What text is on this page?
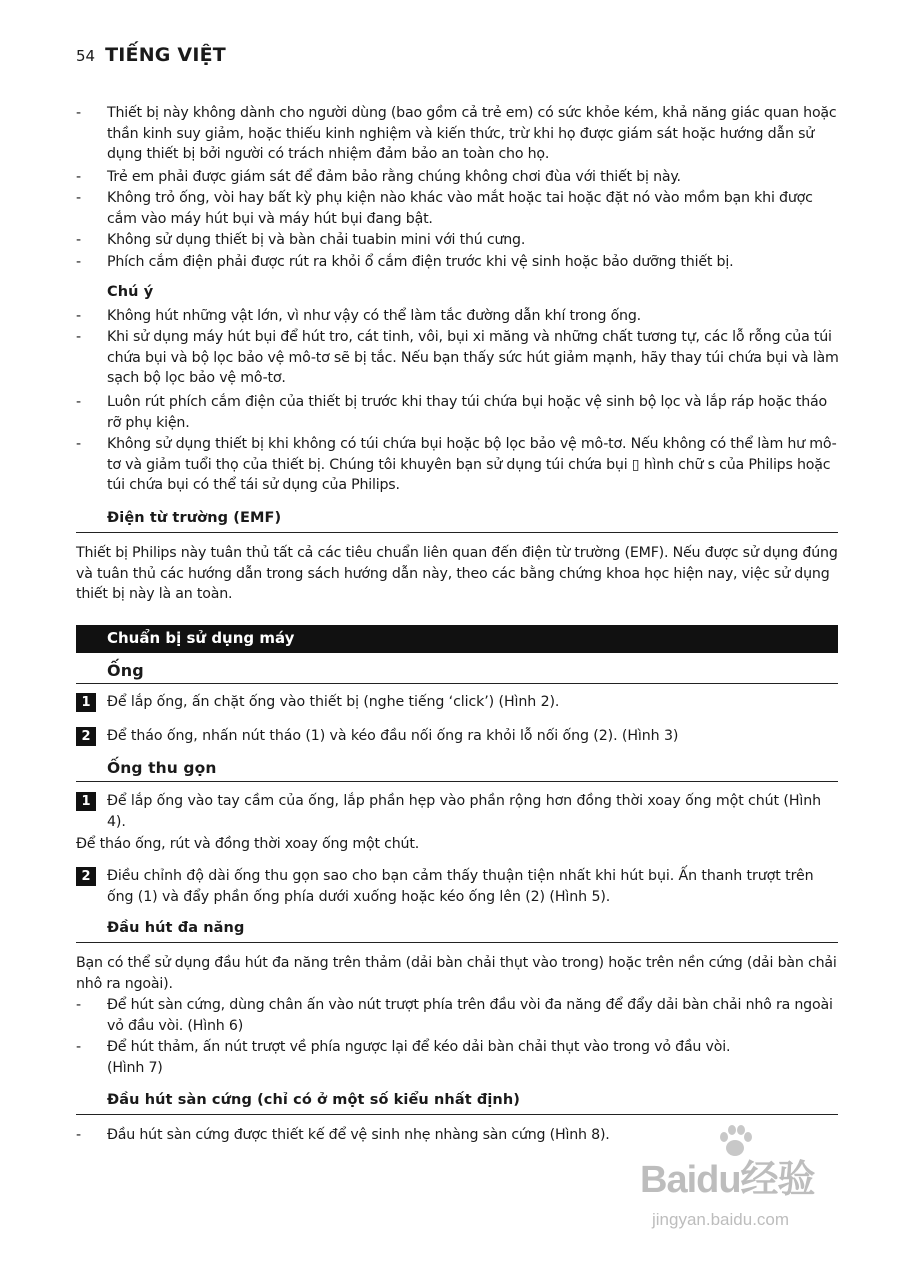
54 TIẾNG VIỆT
- Thiết bị này không dành cho người dùng (bao gồm cả trẻ em) có sức khỏe kém, khả năng giác quan hoặc thần kinh suy giảm, hoặc thiếu kinh nghiệm và kiến thức, trừ khi họ được giám sát hoặc hướng dẫn sử dụng thiết bị bởi người có trách nhiệm đảm bảo an toàn cho họ.
- Trẻ em phải được giám sát để đảm bảo rằng chúng không chơi đùa với thiết bị này.
- Không trỏ ống, vòi hay bất kỳ phụ kiện nào khác vào mắt hoặc tai hoặc đặt nó vào mồm bạn khi được cắm vào máy hút bụi và máy hút bụi đang bật.
- Không sử dụng thiết bị và bàn chải tuabin mini với thú cưng.
- Phích cắm điện phải được rút ra khỏi ổ cắm điện trước khi vệ sinh hoặc bảo dưỡng thiết bị.
Chú ý
- Không hút những vật lớn, vì như vậy có thể làm tắc đường dẫn khí trong ống.
- Khi sử dụng máy hút bụi để hút tro, cát tinh, vôi, bụi xi măng và những chất tương tự, các lỗ rỗng của túi chứa bụi và bộ lọc bảo vệ mô-tơ sẽ bị tắc. Nếu bạn thấy sức hút giảm mạnh, hãy thay túi chứa bụi và làm sạch bộ lọc bảo vệ mô-tơ.
- Luôn rút phích cắm điện của thiết bị trước khi thay túi chứa bụi hoặc vệ sinh bộ lọc và lắp ráp hoặc tháo rỡ phụ kiện.
- Không sử dụng thiết bị khi không có túi chứa bụi hoặc bộ lọc bảo vệ mô-tơ. Nếu không có thể làm hư mô-tơ và giảm tuổi thọ của thiết bị. Chúng tôi khuyên bạn sử dụng túi chứa bụi ▯ hình chữ s của Philips hoặc túi chứa bụi có thể tái sử dụng của Philips.
Điện từ trường (EMF)
Thiết bị Philips này tuân thủ tất cả các tiêu chuẩn liên quan đến điện từ trường (EMF). Nếu được sử dụng đúng và tuân thủ các hướng dẫn trong sách hướng dẫn này, theo các bằng chứng khoa học hiện nay, việc sử dụng thiết bị này là an toàn.
Chuẩn bị sử dụng máy
Ống
1	Để lắp ống, ấn chặt ống vào thiết bị (nghe tiếng ‘click’) (Hình 2).
2	Để tháo ống, nhấn nút tháo (1) và kéo đầu nối ống ra khỏi lỗ nối ống (2). (Hình 3)
Ống thu gọn
1	Để lắp ống vào tay cầm của ống, lắp phần hẹp vào phần rộng hơn đồng thời xoay ống một chút (Hình 4).
Để tháo ống, rút và đồng thời xoay ống một chút.
2	Điều chỉnh độ dài ống thu gọn sao cho bạn cảm thấy thuận tiện nhất khi hút bụi. Ấn thanh trượt trên ống (1) và đẩy phần ống phía dưới xuống hoặc kéo ống lên (2) (Hình 5).
Đầu hút đa năng
Bạn có thể sử dụng đầu hút đa năng trên thảm (dải bàn chải thụt vào trong) hoặc trên nền cứng (dải bàn chải nhô ra ngoài).
- Để hút sàn cứng, dùng chân ấn vào nút trượt phía trên đầu vòi đa năng để đẩy dải bàn chải nhô ra ngoài vỏ đầu vòi. (Hình 6)
- Để hút thảm, ấn nút trượt về phía ngược lại để kéo dải bàn chải thụt vào trong vỏ đầu vòi. (Hình 7)
Đầu hút sàn cứng (chỉ có ở một số kiểu nhất định)
- Đầu hút sàn cứng được thiết kế để vệ sinh nhẹ nhàng sàn cứng (Hình 8).
Baidu经验
jingyan.baidu.com
